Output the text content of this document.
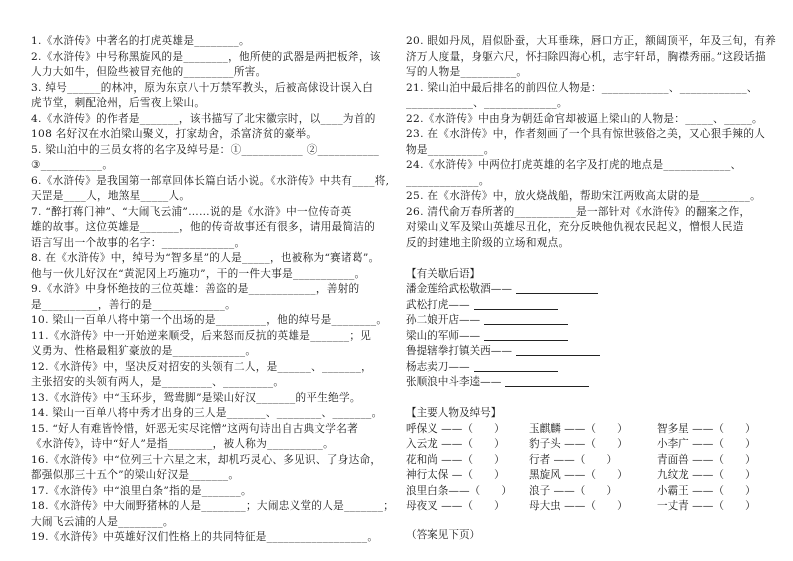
1.《水浒传》中著名的打虎英雄是________。
2.《水浒传》中号称黑旋风的是________，他所使的武器是两把板斧，该
人力大如牛，但险些被冒充他的_________所害。
3. 绰号______的林冲，原为东京八十万禁军教头，后被高俅设计误入白
虎节堂，刺配沧州，后雪夜上梁山。
4.《水浒传》的作者是_______，该书描写了北宋徽宗时，以____为首的
108 名好汉在水泊梁山聚义，打家劫舍，杀富济贫的豪举。
5. 梁山泊中的三员女将的名字及绰号是：①___________ ②___________
③___________。
6.《水浒传》是我国第一部章回体长篇白话小说。《水浒传》中共有____将,
天罡是____人，地煞星_____人。
7. “醉打蒋门神”、“大闹飞云浦”……说的是《水浒》中一位传奇英
雄的故事。这位英雄是_______，他的传奇故事还有很多，请用最简洁的
语言写出一个故事的名字：_____________。
8. 在《水浒传》中，绰号为“智多星”的人是_____，也被称为“赛诸葛”。
他与一伙儿好汉在“黄泥冈上巧施功”，干的一件大事是___________。
9.《水浒》中身怀绝技的三位英雄：善盗的是____________，善射的
是__________，善行的是_____________。
10. 梁山一百单八将中第一个出场的是_________，他的绰号是________。
11.《水浒传》中一开始逆来顺受，后来怒而反抗的英雄是_______；见
义勇为、性格最粗犷豪放的是_____________。
12.《水浒传》中，坚决反对招安的头领有二人，是______、_______，
主张招安的头领有两人，是_________、_________。
13.《水浒传》中“玉环步，鸳鸯脚”是梁山好汉_______的平生绝学。
14. 梁山一百单八将中秀才出身的三人是_______、________、_______。
15. “好人有难皆怜惜，奸恶无实尽诧憎”这两句诗出自古典文学名著
《水浒传》，诗中“好人”是指________，被人称为__________。
16.《水浒传》中“位列三十六星之末，却机巧灵心、多见识、了身达命，
都强似那三十五个”的梁山好汉是_______。
17.《水浒传》中“浪里白条”指的是_______。
18.《水浒传》中大闹野猪林的人是________；大闹忠义堂的人是_______；
大闹飞云浦的人是________。
19.《水浒传》中英雄好汉们性格上的共同特征是__________________。
20. 眼如丹凤，眉似卧蚕，大耳垂珠，唇口方正，额阔顶平，年及三旬，有养
济万人度量，身躯六尺，怀扫除四海心机，志宇轩昂，胸襟秀丽。”这段话描
写的人物是__________。
21. 梁山泊中最后排名的前四位人物是：____________、____________、
____________、_____________。
22.《水浒传》中由身为朝廷命官却被逼上梁山的人物是：_____、_____。
23. 在《水浒传》中，作者刻画了一个具有惊世骇俗之美，又心狠手辣的人
物是__________。
24.《水浒传》中两位打虎英雄的名字及打虎的地点是____________、
_____________。
25. 在《水浒传》中，放火烧战船，帮助宋江两败高太尉的是_________。
26. 清代俞万春所著的___________是一部针对《水浒传》的翻案之作，
对梁山义军及梁山英雄尽丑化，充分反映他仇视农民起义，憎恨人民造
反的封建地主阶级的立场和观点。
【有关歇后语】
潘金莲给武松敬酒——
武松打虎——
孙二娘开店——
梁山的军师——
鲁提辖拳打镇关西——
杨志卖刀——
张顺浪中斗李逵——
【主要人物及绰号】
呼保义 ——（　　）	玉麒麟 ——（　　）	智多星 ——（　　）
入云龙 ——（　　）	豹子头 ——（　　）	小李广 ——（　　）
花和尚 ——（　　）	行者 ——（　　）	青面兽 ——（　　）
神行太保 —（　　）	黑旋风 ——（　　）	九纹龙 ——（　　）
浪里白条——（　　）	浪子 ——（　　）	小霸王 ——（　　）
母夜叉 ——（　　）	母大虫 ——（　　）	一丈青 ——（　　）
（答案见下页）
